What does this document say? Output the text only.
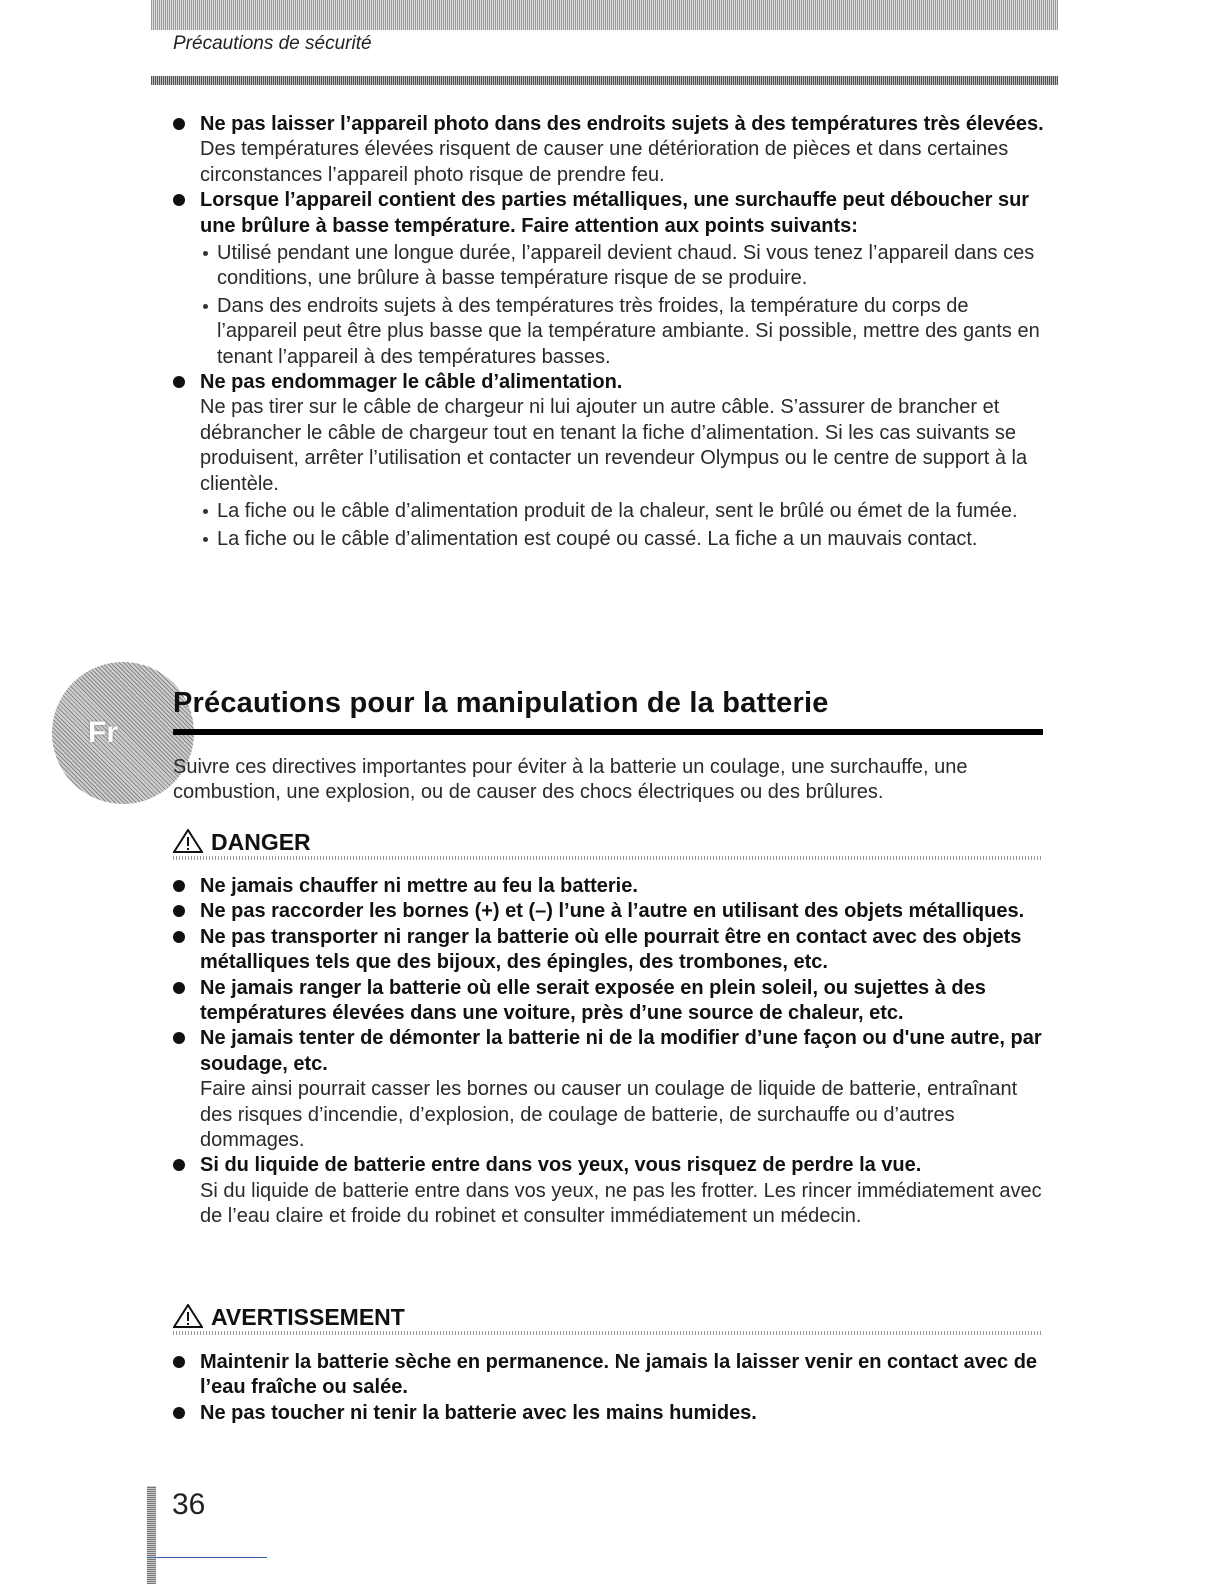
Précautions de sécurité
Ne pas laisser l’appareil photo dans des endroits sujets à des températures très élevées.
Des températures élevées risquent de causer une détérioration de pièces et dans certaines circonstances l’appareil photo risque de prendre feu.
Lorsque l’appareil contient des parties métalliques, une surchauffe peut déboucher sur une brûlure à basse température. Faire attention aux points suivants:
Utilisé pendant une longue durée, l’appareil devient chaud. Si vous tenez l’appareil dans ces conditions, une brûlure à basse température risque de se produire.
Dans des endroits sujets à des températures très froides, la température du corps de l’appareil peut être plus basse que la température ambiante. Si possible, mettre des gants en tenant l’appareil à des températures basses.
Ne pas endommager le câble d’alimentation.
Ne pas tirer sur le câble de chargeur ni lui ajouter un autre câble. S’assurer de brancher et débrancher le câble de chargeur tout en tenant la fiche d’alimentation. Si les cas suivants se produisent, arrêter l’utilisation et contacter un revendeur Olympus ou le centre de support à la clientèle.
La fiche ou le câble d’alimentation produit de la chaleur, sent le brûlé ou émet de la fumée.
La fiche ou le câble d’alimentation est coupé ou cassé. La fiche a un mauvais contact.
Fr
Précautions pour la manipulation de la batterie
Suivre ces directives importantes pour éviter à la batterie un coulage, une surchauffe, une combustion, une explosion, ou de causer des chocs électriques ou des brûlures.
DANGER
Ne jamais chauffer ni mettre au feu la batterie.
Ne pas raccorder les bornes (+) et (–) l’une à l’autre en utilisant des objets métalliques.
Ne pas transporter ni ranger la batterie où elle pourrait être en contact avec des objets métalliques tels que des bijoux, des épingles, des trombones, etc.
Ne jamais ranger la batterie où elle serait exposée en plein soleil, ou sujettes à des températures élevées dans une voiture, près d’une source de chaleur, etc.
Ne jamais tenter de démonter la batterie ni de la modifier d’une façon ou d'une autre, par soudage, etc.
Faire ainsi pourrait casser les bornes ou causer un coulage de liquide de batterie, entraînant des risques d’incendie, d’explosion, de coulage de batterie, de surchauffe ou d’autres dommages.
Si du liquide de batterie entre dans vos yeux, vous risquez de perdre la vue.
Si du liquide de batterie entre dans vos yeux, ne pas les frotter. Les rincer immédiatement avec de l’eau claire et froide du robinet et consulter immédiatement un médecin.
AVERTISSEMENT
Maintenir la batterie sèche en permanence. Ne jamais la laisser venir en contact avec de l’eau fraîche ou salée.
Ne pas toucher ni tenir la batterie avec les mains humides.
36
